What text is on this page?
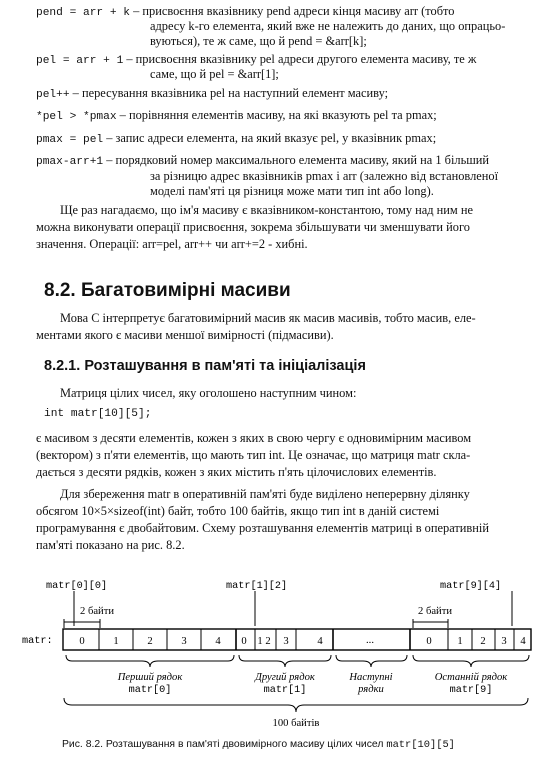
pend = arr + k – присвоєння вказівнику pend адреси кінця масиву arr (тобто
адресу k-го елемента, який вже не належить до даних, що опрацьо-
вуються), те ж саме, що й pend = &arr[k];
pel = arr + 1 – присвоєння вказівнику pel адреси другого елемента масиву, те ж
саме, що й pel = &arr[1];
pel++ – пересування вказівника pel на наступний елемент масиву;
*pel > *pmax – порівняння елементів масиву, на які вказують pel та pmax;
pmax = pel – запис адреси елемента, на який вказує pel, у вказівник pmax;
pmax-arr+1 – порядковий номер максимального елемента масиву, який на 1 більший
за різницю адрес вказівників pmax і arr (залежно від встановленої
моделі пам'яті ця різниця може мати тип int або long).
Ще раз нагадаємо, що ім'я масиву є вказівником-константою, тому над ним не
можна виконувати операції присвоєння, зокрема збільшувати чи зменшувати його
значення. Операції: arr=pel, arr++ чи arr+=2 - хибні.
8.2. Багатовимірні масиви
Мова C інтерпретує багатовимірний масив як масив масивів, тобто масив, еле-
ментами якого є масиви меншої вимірності (підмасиви).
8.2.1. Розташування в пам'яті та ініціалізація
Матриця цілих чисел, яку оголошено наступним чином:
int matr[10][5];
є масивом з десяти елементів, кожен з яких в свою чергу є одновимірним масивом
(вектором) з п'яти елементів, що мають тип int. Це означає, що матриця matr скла-
дається з десяти рядків, кожен з яких містить п'ять цілочислових елементів.
Для збереження matr в оперативній пам'яті буде виділено неперервну ділянку
обсягом 10×5×sizeof(int) байт, тобто 100 байтів, якщо тип int в даній системі
програмування є двобайтовим. Схему розташування елементів матриці в оперативній
пам'яті показано на рис. 8.2.
matr[0][0]	matr[1][2]	matr[9][4]
2 байти	2 байти
matr:	0	1	2	3	4 0 1 2 3	4	...	0 1 2 3 4
Перший рядок
matr[0]
Другий рядок
matr[1]
Наступні
рядки
Останній рядок
matr[9]
100 байтів
Рис. 8.2. Розташування в пам'яті двовимірного масиву цілих чисел matr[10][5]
